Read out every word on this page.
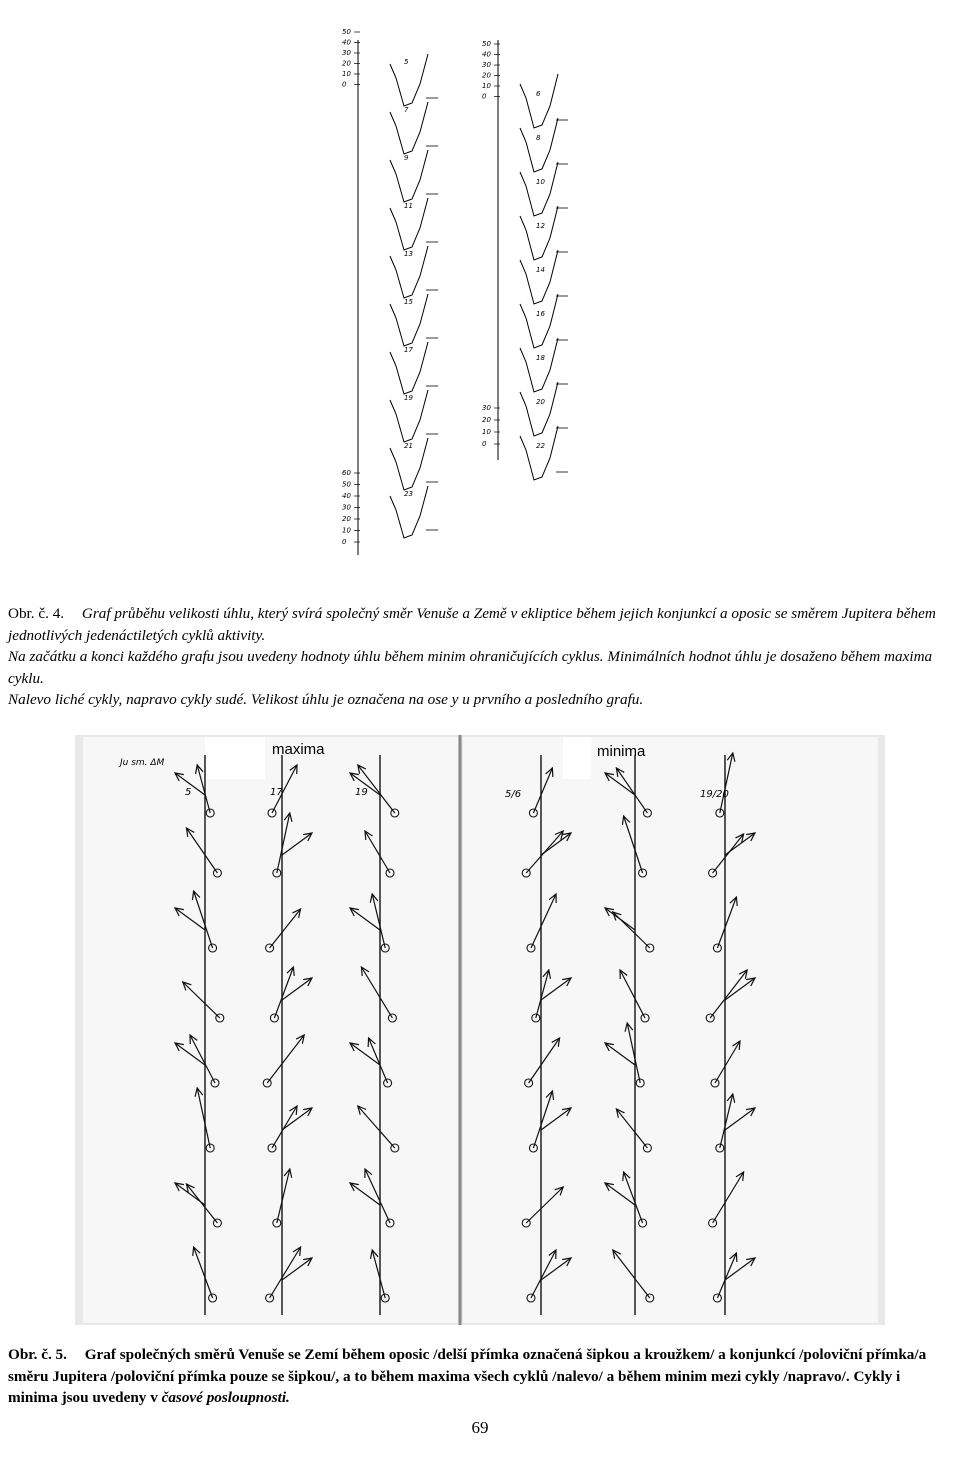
50
40
30
20
10
0
50
40
30
20
10
0
60
50
40
30
20
10
0
30
20
10
0
5
7
9
11
13
15
17
19
21
23
6
8
10
12
14
16
18
20
22
Obr. č. 4. Graf průběhu velikosti úhlu, který svírá společný směr Venuše a Země v ekliptice během jejich konjunkcí a oposic se směrem Jupitera během jednotlivých jedenáctiletých cyklů aktivity.
Na začátku a konci každého grafu jsou uvedeny hodnoty úhlu během minim ohraničujících cyklus. Minimálních hodnot úhlu je dosaženo během maxima cyklu.
Nalevo liché cykly, napravo cykly sudé. Velikost úhlu je označena na ose y u prvního a posledního grafu.
maxima	minima
Ju sm. ΔM
5	17	19	5/6	19/20
Obr. č. 5. Graf společných směrů Venuše se Zemí během oposic /delší přímka označená šipkou a kroužkem/ a konjunkcí /poloviční přímka/a směru Jupitera /poloviční přímka pouze se šipkou/, a to během maxima všech cyklů /nalevo/ a během minim mezi cykly /napravo/. Cykly i minima jsou uvedeny v časové posloupnosti.
69
